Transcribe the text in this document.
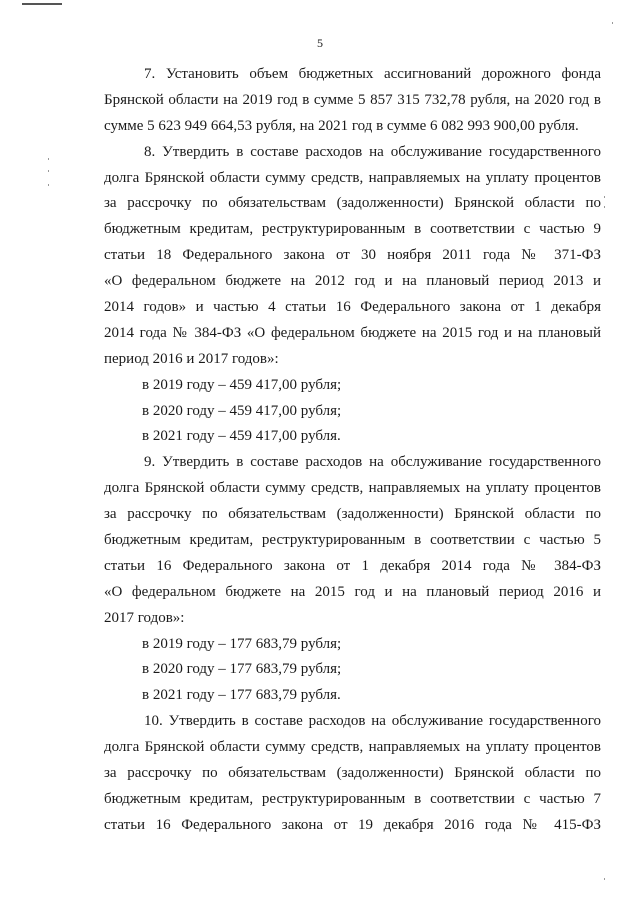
5
7. Установить объем бюджетных ассигнований дорожного фонда
Брянской области на 2019 год в сумме 5 857 315 732,78 рубля, на 2020 год в
сумме 5 623 949 664,53 рубля, на 2021 год в сумме 6 082 993 900,00 рубля.
8. Утвердить в составе расходов на обслуживание государственного
долга Брянской области сумму средств, направляемых на уплату процентов
за рассрочку по обязательствам (задолженности) Брянской области по
бюджетным кредитам, реструктурированным в соответствии с частью 9
статьи 18 Федерального закона от 30 ноября 2011 года № 371-ФЗ
«О федеральном бюджете на 2012 год и на плановый период 2013 и
2014 годов» и частью 4 статьи 16 Федерального закона от 1 декабря
2014 года № 384-ФЗ «О федеральном бюджете на 2015 год и на плановый
период 2016 и 2017 годов»:
в 2019 году – 459 417,00 рубля;
в 2020 году – 459 417,00 рубля;
в 2021 году – 459 417,00 рубля.
9. Утвердить в составе расходов на обслуживание государственного
долга Брянской области сумму средств, направляемых на уплату процентов
за рассрочку по обязательствам (задолженности) Брянской области по
бюджетным кредитам, реструктурированным в соответствии с частью 5
статьи 16 Федерального закона от 1 декабря 2014 года № 384-ФЗ
«О федеральном бюджете на 2015 год и на плановый период 2016 и
2017 годов»:
в 2019 году – 177 683,79 рубля;
в 2020 году – 177 683,79 рубля;
в 2021 году – 177 683,79 рубля.
10. Утвердить в составе расходов на обслуживание государственного
долга Брянской области сумму средств, направляемых на уплату процентов
за рассрочку по обязательствам (задолженности) Брянской области по
бюджетным кредитам, реструктурированным в соответствии с частью 7
статьи 16 Федерального закона от 19 декабря 2016 года № 415-ФЗ
